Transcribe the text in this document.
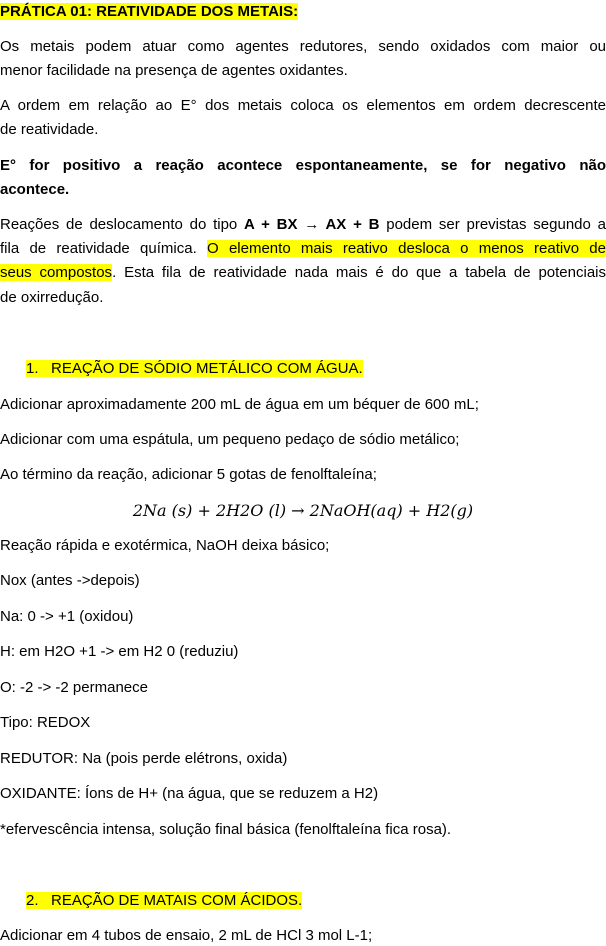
PRÁTICA 01: REATIVIDADE DOS METAIS:
Os metais podem atuar como agentes redutores, sendo oxidados com maior ou
menor facilidade na presença de agentes oxidantes.
A ordem em relação ao E° dos metais coloca os elementos em ordem decrescente
de reatividade.
E° for positivo a reação acontece espontaneamente, se for negativo não
acontece.
Reações de deslocamento do tipo A + BX → AX + B podem ser previstas segundo a
fila de reatividade química. O elemento mais reativo desloca o menos reativo de
seus compostos. Esta fila de reatividade nada mais é do que a tabela de potenciais
de oxirredução.
1.   REAÇÃO DE SÓDIO METÁLICO COM ÁGUA.
Adicionar aproximadamente 200 mL de água em um béquer de 600 mL;
Adicionar com uma espátula, um pequeno pedaço de sódio metálico;
Ao término da reação, adicionar 5 gotas de fenolftaleína;
2Na (s) + 2H2O (l) → 2NaOH(aq) + H2(g)
Reação rápida e exotérmica, NaOH deixa básico;
Nox (antes ->depois)
Na: 0 -> +1 (oxidou)
H: em H2O +1 -> em H2 0 (reduziu)
O: -2 -> -2 permanece
Tipo: REDOX
REDUTOR: Na (pois perde elétrons, oxida)
OXIDANTE: Íons de H+ (na água, que se reduzem a H2)
*efervescência intensa, solução final básica (fenolftaleína fica rosa).
2.   REAÇÃO DE MATAIS COM ÁCIDOS.
Adicionar em 4 tubos de ensaio, 2 mL de HCl 3 mol L-1;
